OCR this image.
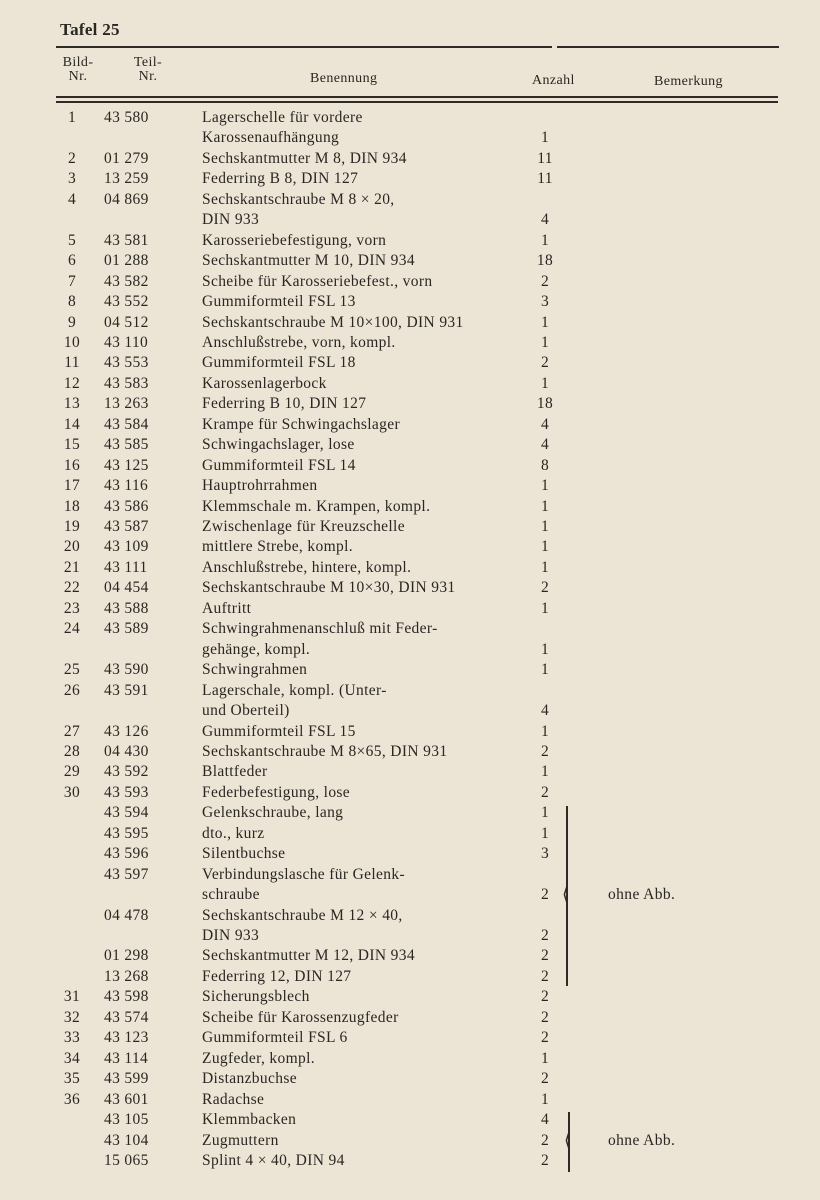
Tafel 25
Bild-
Nr.
Teil-
Nr.	Benennung	Anzahl	Bemerkung
1	43 580	Lagerschelle für vordere
Karossenaufhängung	1
2	01 279	Sechskantmutter M 8, DIN 934	11
3	13 259	Federring B 8, DIN 127	11
4	04 869	Sechskantschraube M 8 × 20,
DIN 933	4
5	43 581	Karosseriebefestigung, vorn	1
6	01 288	Sechskantmutter M 10, DIN 934	18
7	43 582	Scheibe für Karosseriebefest., vorn	2
8	43 552	Gummiformteil FSL 13	3
9	04 512	Sechskantschraube M 10×100, DIN 931	1
10	43 110	Anschlußstrebe, vorn, kompl.	1
11	43 553	Gummiformteil FSL 18	2
12	43 583	Karossenlagerbock	1
13	13 263	Federring B 10, DIN 127	18
14	43 584	Krampe für Schwingachslager	4
15	43 585	Schwingachslager, lose	4
16	43 125	Gummiformteil FSL 14	8
17	43 116	Hauptrohrrahmen	1
18	43 586	Klemmschale m. Krampen, kompl.	1
19	43 587	Zwischenlage für Kreuzschelle	1
20	43 109	mittlere Strebe, kompl.	1
21	43 111	Anschlußstrebe, hintere, kompl.	1
22	04 454	Sechskantschraube M 10×30, DIN 931	2
23	43 588	Auftritt	1
24	43 589	Schwingrahmenanschluß mit Feder-
gehänge, kompl.	1
25	43 590	Schwingrahmen	1
26	43 591	Lagerschale, kompl. (Unter-
und Oberteil)	4
27	43 126	Gummiformteil FSL 15	1
28	04 430	Sechskantschraube M 8×65, DIN 931	2
29	43 592	Blattfeder	1
30	43 593	Federbefestigung, lose	2
43 594	Gelenkschraube, lang	1
43 595	dto., kurz	1
43 596	Silentbuchse	3
43 597	Verbindungslasche für Gelenk-
schraube	2
04 478	Sechskantschraube M 12 × 40,
DIN 933	2
01 298	Sechskantmutter M 12, DIN 934	2
13 268	Federring 12, DIN 127	2
31	43 598	Sicherungsblech	2
32	43 574	Scheibe für Karossenzugfeder	2
33	43 123	Gummiformteil FSL 6	2
34	43 114	Zugfeder, kompl.	1
35	43 599	Distanzbuchse	2
36	43 601	Radachse	1
43 105	Klemmbacken	4
43 104	Zugmuttern	2
15 065	Splint 4 × 40, DIN 94	2
⟨	ohne Abb.
⟨ ohne Abb.
